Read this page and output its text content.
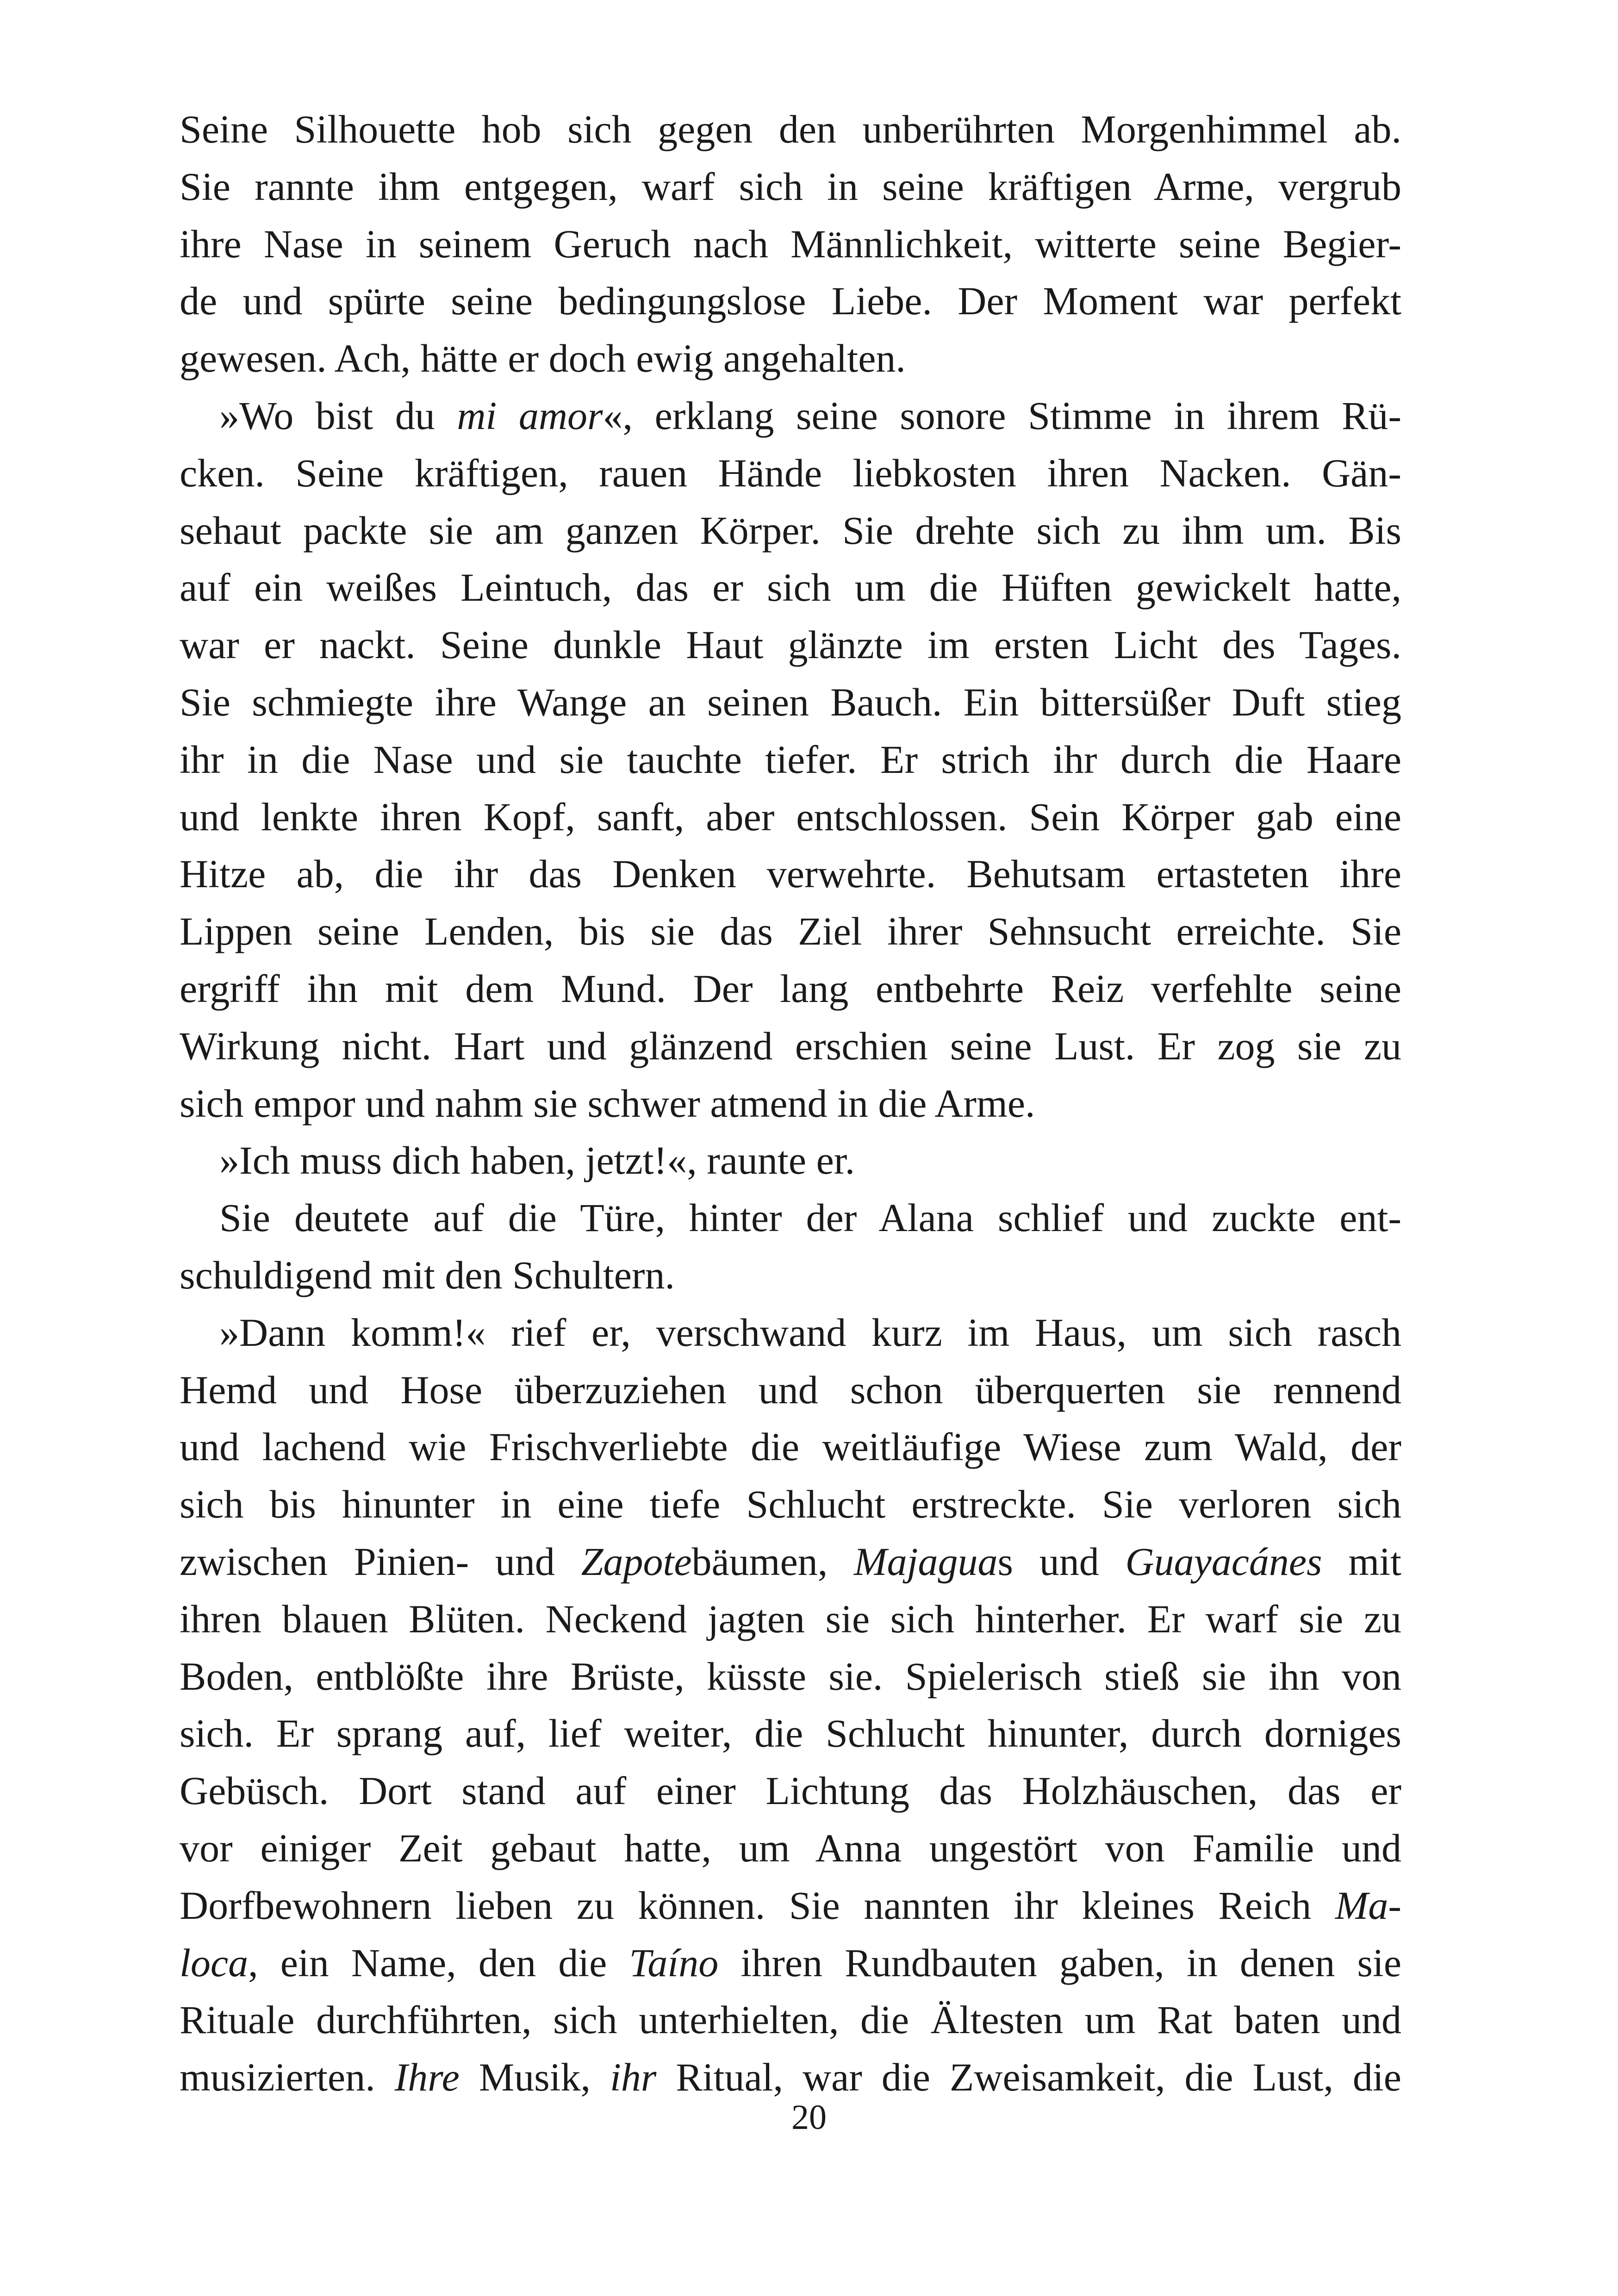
Seine Silhouette hob sich gegen den unberührten Morgenhimmel ab.
Sie rannte ihm entgegen, warf sich in seine kräftigen Arme, vergrub
ihre Nase in seinem Geruch nach Männlichkeit, witterte seine Begier-
de und spürte seine bedingungslose Liebe. Der Moment war perfekt
gewesen. Ach, hätte er doch ewig angehalten.
»Wo bist du mi amor«, erklang seine sonore Stimme in ihrem Rü-
cken. Seine kräftigen, rauen Hände liebkosten ihren Nacken. Gän-
sehaut packte sie am ganzen Körper. Sie drehte sich zu ihm um. Bis
auf ein weißes Leintuch, das er sich um die Hüften gewickelt hatte,
war er nackt. Seine dunkle Haut glänzte im ersten Licht des Tages.
Sie schmiegte ihre Wange an seinen Bauch. Ein bittersüßer Duft stieg
ihr in die Nase und sie tauchte tiefer. Er strich ihr durch die Haare
und lenkte ihren Kopf, sanft, aber entschlossen. Sein Körper gab eine
Hitze ab, die ihr das Denken verwehrte. Behutsam ertasteten ihre
Lippen seine Lenden, bis sie das Ziel ihrer Sehnsucht erreichte. Sie
ergriff ihn mit dem Mund. Der lang entbehrte Reiz verfehlte seine
Wirkung nicht. Hart und glänzend erschien seine Lust. Er zog sie zu
sich empor und nahm sie schwer atmend in die Arme.
»Ich muss dich haben, jetzt!«, raunte er.
Sie deutete auf die Türe, hinter der Alana schlief und zuckte ent-
schuldigend mit den Schultern.
»Dann komm!« rief er, verschwand kurz im Haus, um sich rasch
Hemd und Hose überzuziehen und schon überquerten sie rennend
und lachend wie Frischverliebte die weitläufige Wiese zum Wald, der
sich bis hinunter in eine tiefe Schlucht erstreckte. Sie verloren sich
zwischen Pinien- und Zapotebäumen, Majaguas und Guayacánes mit
ihren blauen Blüten. Neckend jagten sie sich hinterher. Er warf sie zu
Boden, entblößte ihre Brüste, küsste sie. Spielerisch stieß sie ihn von
sich. Er sprang auf, lief weiter, die Schlucht hinunter, durch dorniges
Gebüsch. Dort stand auf einer Lichtung das Holzhäuschen, das er
vor einiger Zeit gebaut hatte, um Anna ungestört von Familie und
Dorfbewohnern lieben zu können. Sie nannten ihr kleines Reich Ma-
loca, ein Name, den die Taíno ihren Rundbauten gaben, in denen sie
Rituale durchführten, sich unterhielten, die Ältesten um Rat baten und
musizierten. Ihre Musik, ihr Ritual, war die Zweisamkeit, die Lust, die
20
